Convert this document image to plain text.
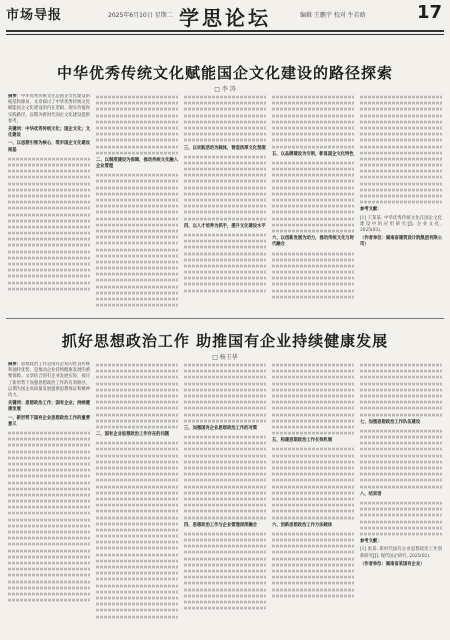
市场导报	2025年6月10日 星期二 学思论坛	编辑 王鹏宇 校对 牛若晗	17
中华优秀传统文化赋能国企文化建设的路径探索
□ 李 涛
摘要：中华优秀传统文化是国企文化建设的根基和源泉，文章探讨了中华优秀传统文化赋能国企文化建设的内在逻辑、现实价值和实践路径，以期为新时代国企文化建设提供参考。
关键词：中华优秀传统文化；国企文化；文化建设
一、以思想引领为核心，筑牢国企文化建设根基
二、以制度建设为保障，推动传统文化融入企业管理
三、以实践活动为载体，营造浓厚文化氛围
四、以人才培养为抓手，提升文化建设水平
五、以品牌建设为引领，彰显国企文化特色
六、以创新发展为动力，推动传统文化与时代融合
参考文献：
[1] 王某某. 中华优秀传统文化在国企文化建设中的应用研究[J]. 企业文化, 2025(03).
（作者单位：湖南省建筑设计院集团有限公司）
抓好思想政治工作 助推国有企业持续健康发展
□ 杨玉华
摘要：思想政治工作是国有企业的优良传统和独特优势，是推动企业持续健康发展的重要保障。文章结合国有企业发展实际，探讨了新形势下加强思想政治工作的有效路径，以期为国企高质量发展提供思想保证和精神动力。
关键词：思想政治工作；国有企业；持续健康发展
一、新形势下国有企业思想政治工作的重要意义
二、国有企业思想政治工作存在的问题
三、加强国有企业思想政治工作的对策
四、思想政治工作与企业管理深度融合
五、构建思想政治工作长效机制
六、创新思想政治工作方法载体
七、加强思想政治工作队伍建设
八、结束语
参考文献：
[1] 张某. 新时代国有企业思想政治工作创新研究[J]. 现代国企研究, 2025(02).
（作者单位：湖南省某国有企业）
